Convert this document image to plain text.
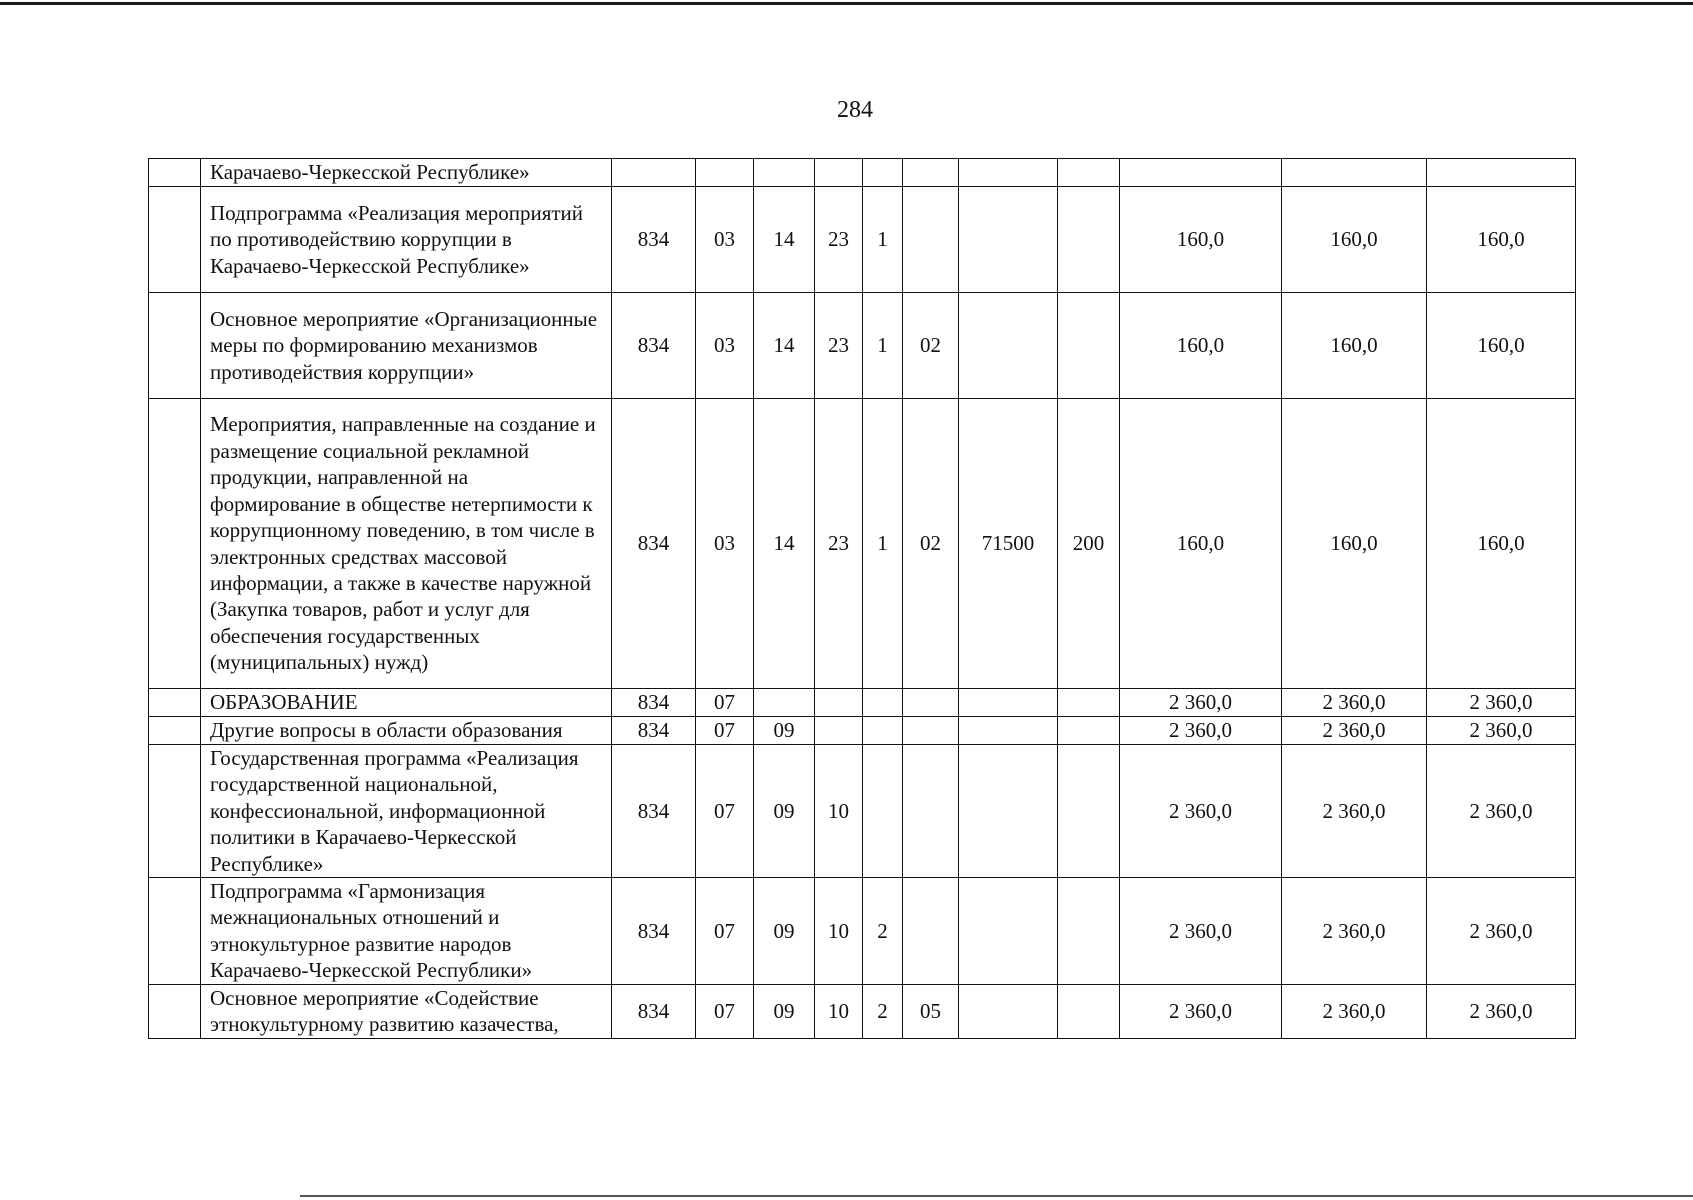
284
	Карачаево-Черкесской Республике»											
	Подпрограмма «Реализация мероприятий по противодействию коррупции в Карачаево-Черкесской Республике»	834	03	14	23	1				160,0	160,0	160,0
	Основное мероприятие «Организационные меры по формированию механизмов противодействия коррупции»	834	03	14	23	1	02			160,0	160,0	160,0
	Мероприятия, направленные на создание и размещение социальной рекламной продукции, направленной на формирование в обществе нетерпимости к коррупционному поведению, в том числе в электронных средствах массовой информации, а также в качестве наружной (Закупка товаров, работ и услуг для обеспечения государственных (муниципальных) нужд)	834	03	14	23	1	02	71500	200	160,0	160,0	160,0
	ОБРАЗОВАНИЕ	834	07							2 360,0	2 360,0	2 360,0
	Другие вопросы в области образования	834	07	09						2 360,0	2 360,0	2 360,0
	Государственная программа «Реализация государственной национальной, конфессиональной, информационной политики в Карачаево-Черкесской Республике»	834	07	09	10					2 360,0	2 360,0	2 360,0
	Подпрограмма «Гармонизация межнациональных отношений и этнокультурное развитие народов Карачаево-Черкесской Республики»	834	07	09	10	2				2 360,0	2 360,0	2 360,0
	Основное мероприятие «Содействие этнокультурному развитию казачества,	834	07	09	10	2	05			2 360,0	2 360,0	2 360,0
